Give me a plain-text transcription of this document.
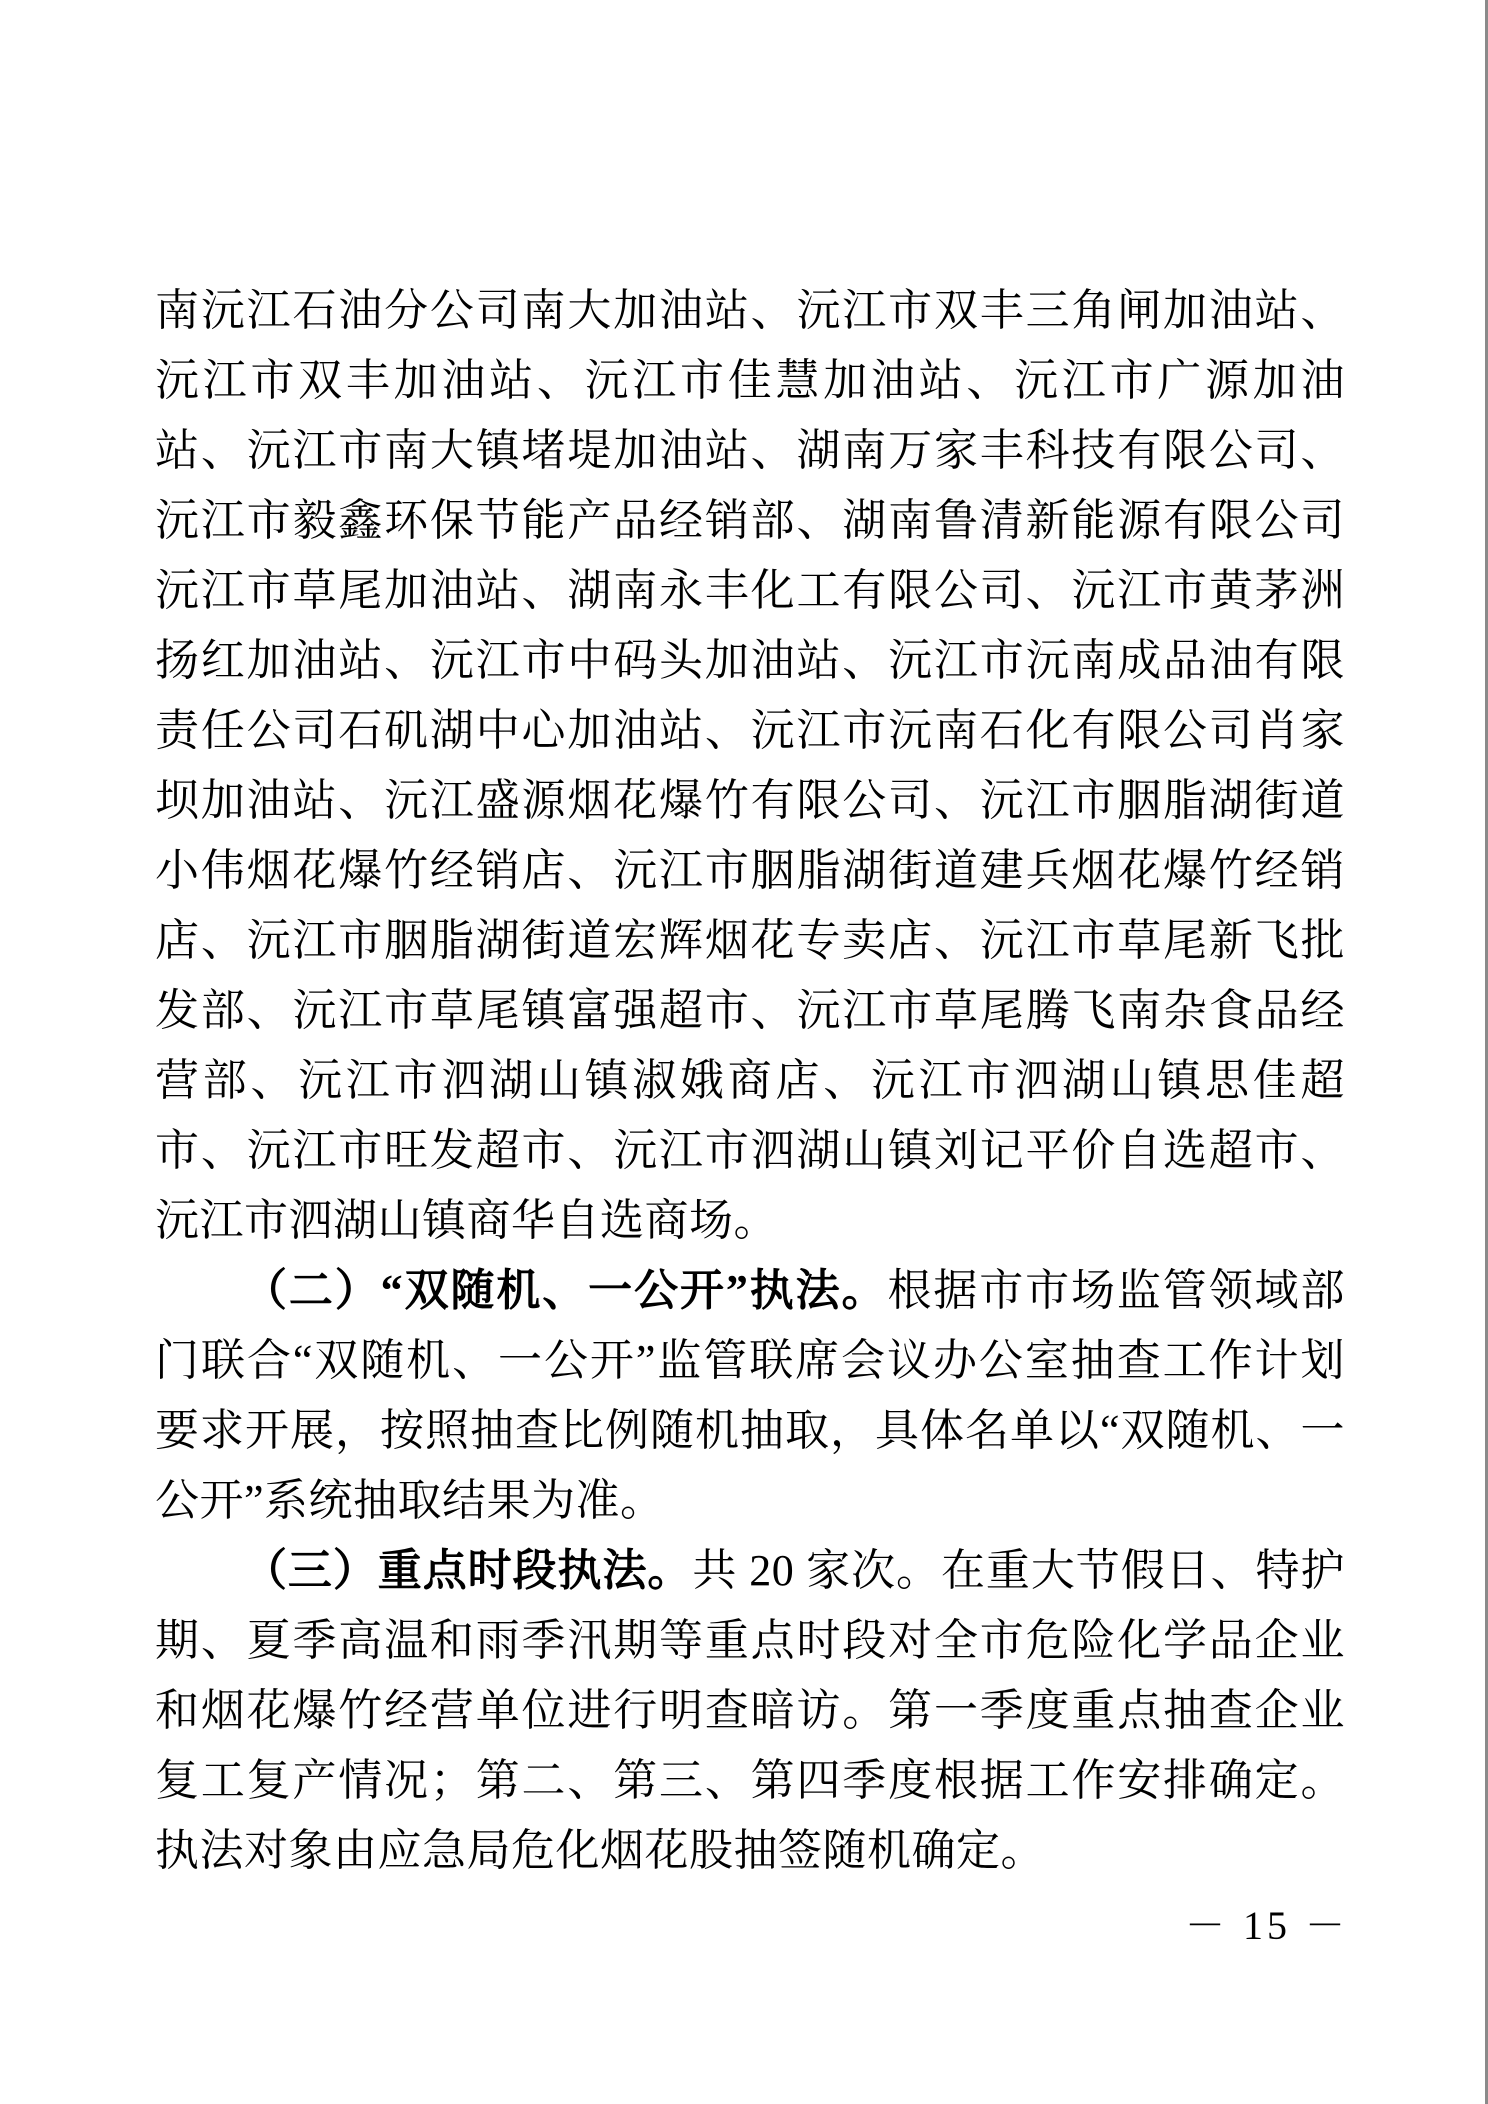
南沅江石油分公司南大加油站、沅江市双丰三角闸加油站、沅江市双丰加油站、沅江市佳慧加油站、沅江市广源加油站、沅江市南大镇堵堤加油站、湖南万家丰科技有限公司、沅江市毅鑫环保节能产品经销部、湖南鲁清新能源有限公司沅江市草尾加油站、湖南永丰化工有限公司、沅江市黄茅洲扬红加油站、沅江市中码头加油站、沅江市沅南成品油有限责任公司石矶湖中心加油站、沅江市沅南石化有限公司肖家坝加油站、沅江盛源烟花爆竹有限公司、沅江市胭脂湖街道小伟烟花爆竹经销店、沅江市胭脂湖街道建兵烟花爆竹经销店、沅江市胭脂湖街道宏辉烟花专卖店、沅江市草尾新飞批发部、沅江市草尾镇富强超市、沅江市草尾腾飞南杂食品经营部、沅江市泗湖山镇淑娥商店、沅江市泗湖山镇思佳超市、沅江市旺发超市、沅江市泗湖山镇刘记平价自选超市、沅江市泗湖山镇商华自选商场。

（二）“双随机、一公开”执法。根据市市场监管领域部门联合“双随机、一公开”监管联席会议办公室抽查工作计划要求开展，按照抽查比例随机抽取，具体名单以“双随机、一公开”系统抽取结果为准。

（三）重点时段执法。共 20 家次。在重大节假日、特护期、夏季高温和雨季汛期等重点时段对全市危险化学品企业和烟花爆竹经营单位进行明查暗访。第一季度重点抽查企业复工复产情况；第二、第三、第四季度根据工作安排确定。执法对象由应急局危化烟花股抽签随机确定。

－ 15 －
